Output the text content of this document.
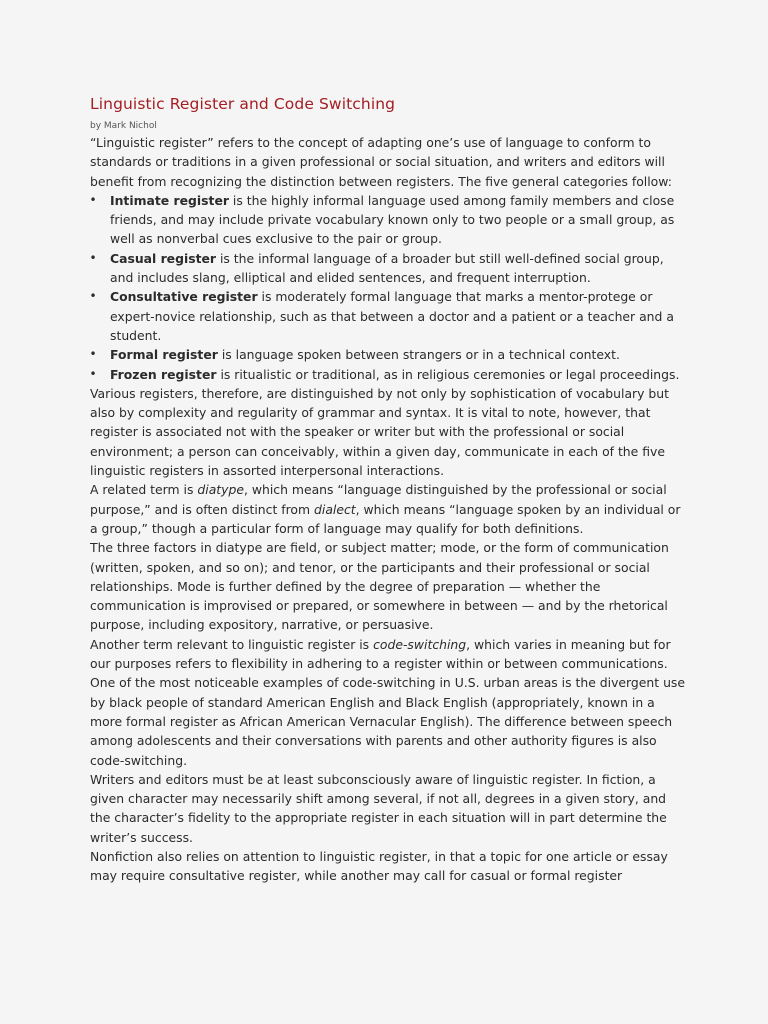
Linguistic Register and Code Switching
by Mark Nichol

“Linguistic register” refers to the concept of adapting one’s use of language to conform to standards or traditions in a given professional or social situation, and writers and editors will benefit from recognizing the distinction between registers. The five general categories follow:

• Intimate register is the highly informal language used among family members and close friends, and may include private vocabulary known only to two people or a small group, as well as nonverbal cues exclusive to the pair or group.
• Casual register is the informal language of a broader but still well-defined social group, and includes slang, elliptical and elided sentences, and frequent interruption.
• Consultative register is moderately formal language that marks a mentor-protege or expert-novice relationship, such as that between a doctor and a patient or a teacher and a student.
• Formal register is language spoken between strangers or in a technical context.
• Frozen register is ritualistic or traditional, as in religious ceremonies or legal proceedings.

Various registers, therefore, are distinguished by not only by sophistication of vocabulary but also by complexity and regularity of grammar and syntax. It is vital to note, however, that register is associated not with the speaker or writer but with the professional or social environment; a person can conceivably, within a given day, communicate in each of the five linguistic registers in assorted interpersonal interactions.

A related term is diatype, which means “language distinguished by the professional or social purpose,” and is often distinct from dialect, which means “language spoken by an individual or a group,” though a particular form of language may qualify for both definitions.

The three factors in diatype are field, or subject matter; mode, or the form of communication (written, spoken, and so on); and tenor, or the participants and their professional or social relationships. Mode is further defined by the degree of preparation — whether the communication is improvised or prepared, or somewhere in between — and by the rhetorical purpose, including expository, narrative, or persuasive.

Another term relevant to linguistic register is code-switching, which varies in meaning but for our purposes refers to flexibility in adhering to a register within or between communications. One of the most noticeable examples of code-switching in U.S. urban areas is the divergent use by black people of standard American English and Black English (appropriately, known in a more formal register as African American Vernacular English). The difference between speech among adolescents and their conversations with parents and other authority figures is also code-switching.

Writers and editors must be at least subconsciously aware of linguistic register. In fiction, a given character may necessarily shift among several, if not all, degrees in a given story, and the character’s fidelity to the appropriate register in each situation will in part determine the writer’s success.

Nonfiction also relies on attention to linguistic register, in that a topic for one article or essay may require consultative register, while another may call for casual or formal register
